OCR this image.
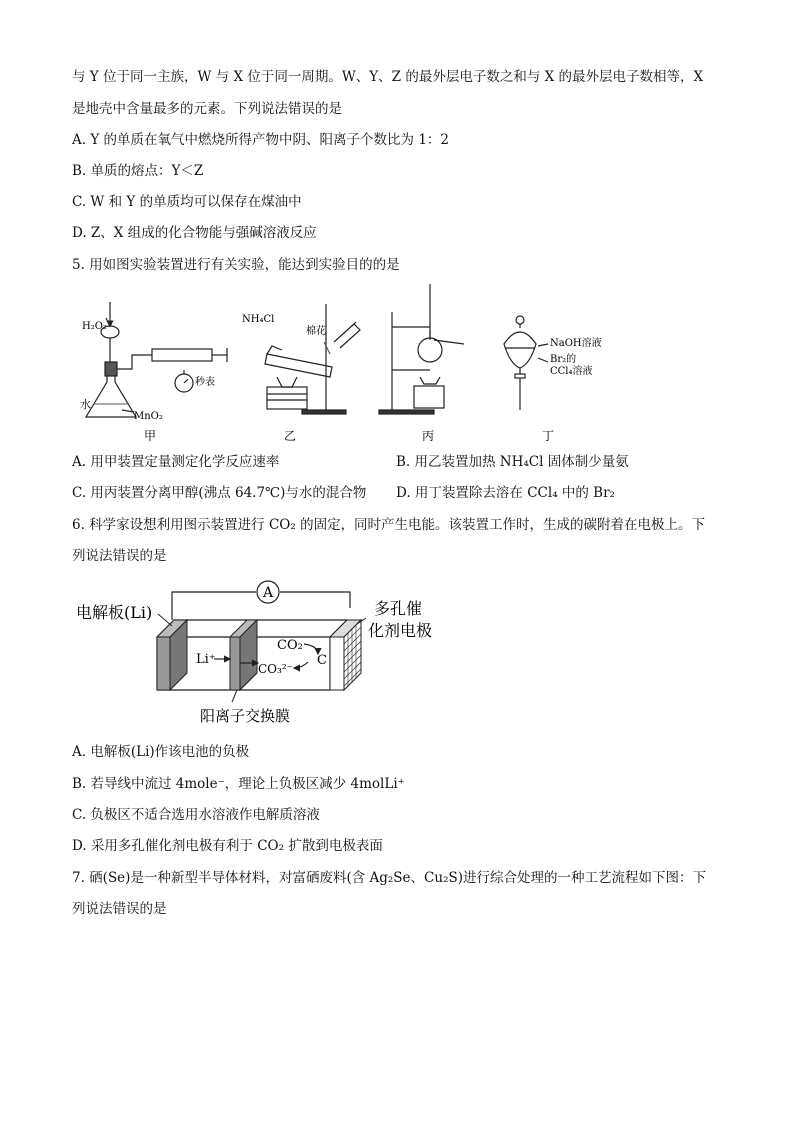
与 Y 位于同一主族，W 与 X 位于同一周期。W、Y、Z 的最外层电子数之和与 X 的最外层电子数相等，X
是地壳中含量最多的元素。下列说法错误的是
A. Y 的单质在氧气中燃烧所得产物中阴、阳离子个数比为 1：2
B. 单质的熔点：Y＜Z
C. W 和 Y 的单质均可以保存在煤油中
D. Z、X 组成的化合物能与强碱溶液反应
5. 用如图实验装置进行有关实验，能达到实验目的的是
H₂O₂
水
MnO₂
秒表
NH₄Cl
棉花
NaOH溶液
Br₂的
CCl₄溶液
甲	乙	丙	丁
A. 用甲装置定量测定化学反应速率	B. 用乙装置加热 NH₄Cl 固体制少量氨
C. 用丙装置分离甲醇(沸点 64.7℃)与水的混合物 D. 用丁装置除去溶在 CCl₄ 中的 Br₂
6. 科学家设想利用图示装置进行 CO₂ 的固定，同时产生电能。该装置工作时，生成的碳附着在电极上。下
列说法错误的是
A
电解板(Li)	多孔催
化剂电极
Li⁺
CO₂
C
CO₃²⁻
阳离子交换膜
A. 电解板(Li)作该电池的负极
B. 若导线中流过 4mole⁻，理论上负极区减少 4molLi⁺
C. 负极区不适合选用水溶液作电解质溶液
D. 采用多孔催化剂电极有利于 CO₂ 扩散到电极表面
7. 硒(Se)是一种新型半导体材料，对富硒废料(含 Ag₂Se、Cu₂S)进行综合处理的一种工艺流程如下图：下
列说法错误的是
